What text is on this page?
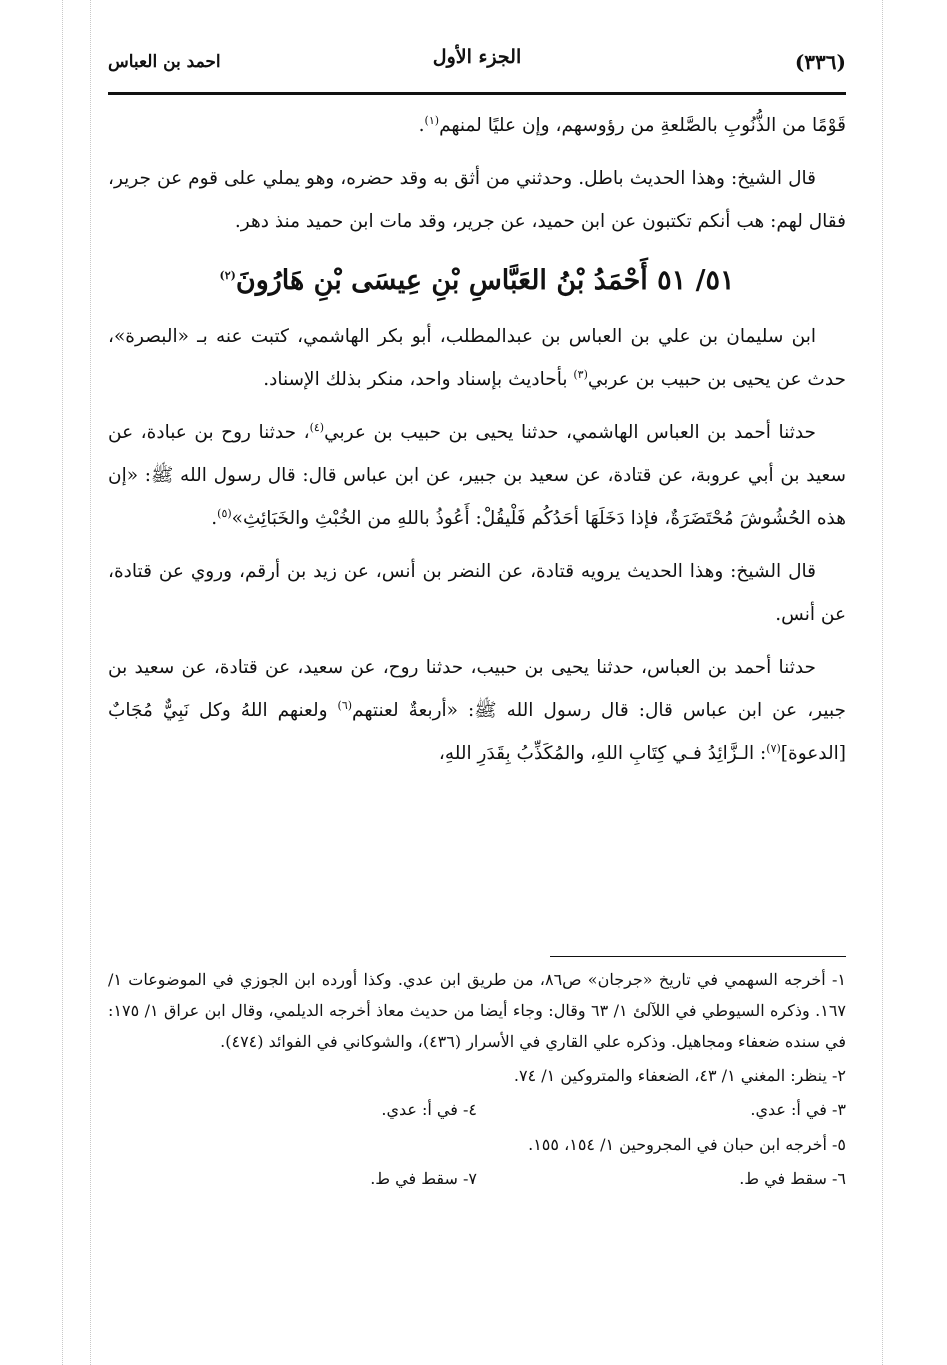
(٣٣٦)
الجزء الأول
احمد بن العباس

قَوْمًا من الذُّنُوبِ بالصَّلعةِ من رؤوسهم، وإن عليًا لمنهم$^{(١)}$.

قال الشيخ: وهذا الحديث باطل. وحدثني من أثق به وقد حضره، وهو يملي على قوم عن جرير، فقال لهم: هب أنكم تكتبون عن ابن حميد، عن جرير، وقد مات ابن حميد منذ دهر.

٥١/ ٥١ أَحْمَدُ بْنُ العَبَّاسِ بْنِ عِيسَى بْنِ هَارُونَ$^{(٢)}$

ابن سليمان بن علي بن العباس بن عبدالمطلب، أبو بكر الهاشمي، كتبت عنه بـ «البصرة»، حدث عن يحيى بن حبيب بن عربي$^{(٣)}$ بأحاديث بإسناد واحد، منكر بذلك الإسناد.

حدثنا أحمد بن العباس الهاشمي، حدثنا يحيى بن حبيب بن عربي$^{(٤)}$، حدثنا روح بن عبادة، عن سعيد بن أبي عروبة، عن قتادة، عن سعيد بن جبير، عن ابن عباس قال: قال رسول الله ﷺ: «إن هذه الحُشُوشَ مُحْتَضَرَةٌ، فإذا دَخَلَهَا أحَدُكُم فَلْيقُلْ: أَعُوذُ باللهِ من الخُبْثِ والخَبَائِثِ»$^{(٥)}$.

قال الشيخ: وهذا الحديث يرويه قتادة، عن النضر بن أنس، عن زيد بن أرقم، وروي عن قتادة، عن أنس.

حدثنا أحمد بن العباس، حدثنا يحيى بن حبيب، حدثنا روح، عن سعيد، عن قتادة، عن سعيد بن جبير، عن ابن عباس قال: قال رسول الله ﷺ: «أربعةٌ لعنتهم$^{(٦)}$ ولعنهم اللهُ وكل نَبِيٌّ مُجَابٌ [الدعوة]$^{(٧)}$: الـزَّائِدُ فـي كِتَابِ اللهِ، والمُكَذِّبُ بِقَدَرِ اللهِ،

١- أخرجه السهمي في تاريخ «جرجان» ص٨٦، من طريق ابن عدي. وكذا أورده ابن الجوزي في الموضوعات ١/ ١٦٧. وذكره السيوطي في اللآلئ ١/ ٦٣ وقال: وجاء أيضا من حديث معاذ أخرجه الديلمي، وقال ابن عراق ١/ ١٧٥: في سنده ضعفاء ومجاهيل. وذكره علي القاري في الأسرار (٤٣٦)، والشوكاني في الفوائد (٤٧٤).

٢- ينظر: المغني ١/ ٤٣، الضعفاء والمتروكين ١/ ٧٤.

٣- في أ: عدي.

٤- في أ: عدي.

٥- أخرجه ابن حبان في المجروحين ١/ ١٥٤، ١٥٥.

٦- سقط في ط.

٧- سقط في ط.
